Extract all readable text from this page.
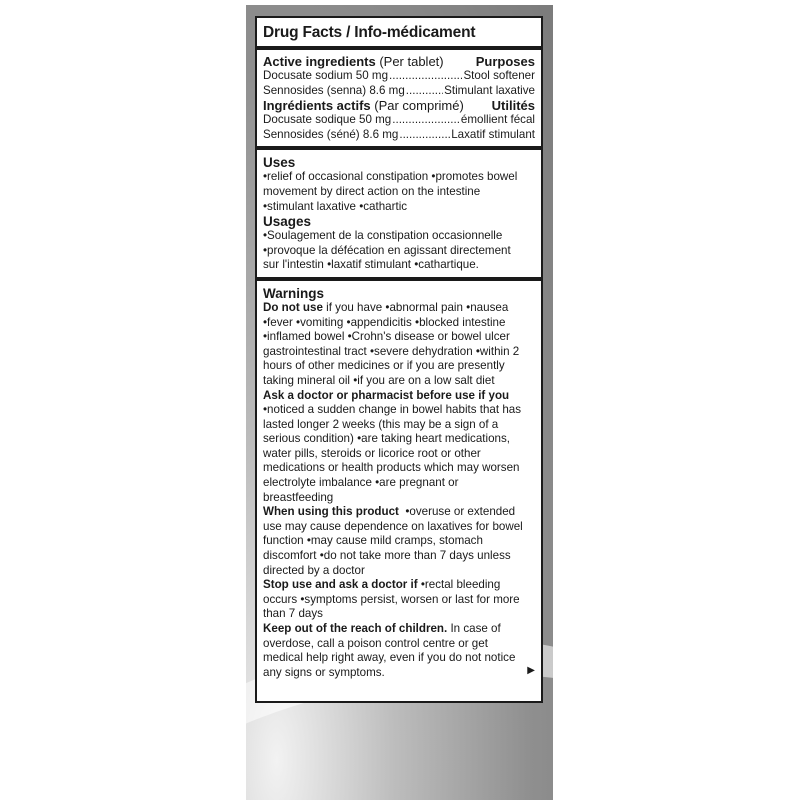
Drug Facts / Info-médicament
Active ingredients (Per tablet) Purposes
Docusate sodium 50 mg .....	Stool softener
Sennosides (senna) 8.6 mg .....	Stimulant laxative
Ingrédients actifs (Par comprimé) Utilités
Docusate sodique 50 mg .....	émollient fécal
Sennosides (séné) 8.6 mg .....	Laxatif stimulant
Uses
•relief of occasional constipation •promotes bowel
movement by direct action on the intestine
•stimulant laxative •cathartic
Usages
•Soulagement de la constipation occasionnelle
•provoque la défécation en agissant directement
sur l'intestin •laxatif stimulant •cathartique.
Warnings
Do not use if you have •abnormal pain •nausea
•fever •vomiting •appendicitis •blocked intestine
•inflamed bowel •Crohn's disease or bowel ulcer
gastrointestinal tract •severe dehydration •within 2
hours of other medicines or if you are presently
taking mineral oil •if you are on a low salt diet
Ask a doctor or pharmacist before use if you
•noticed a sudden change in bowel habits that has
lasted longer 2 weeks (this may be a sign of a
serious condition) •are taking heart medications,
water pills, steroids or licorice root or other
medications or health products which may worsen
electrolyte imbalance •are pregnant or
breastfeeding
When using this product  •overuse or extended
use may cause dependence on laxatives for bowel
function •may cause mild cramps, stomach
discomfort •do not take more than 7 days unless
directed by a doctor
Stop use and ask a doctor if •rectal bleeding
occurs •symptoms persist, worsen or last for more
than 7 days
Keep out of the reach of children. In case of
overdose, call a poison control centre or get
medical help right away, even if you do not notice
any signs or symptoms.	▶
